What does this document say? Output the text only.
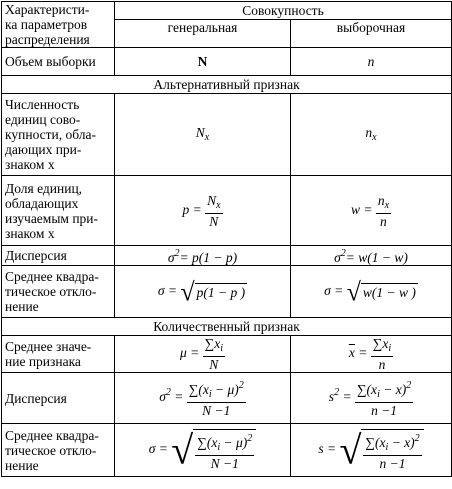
Характеристи-
ка параметров
распределения	Совокупность	
	генеральная	выборочная
Объем выборки	N	n
Альтернативный признак		
Численность
единиц сово-
купности, обла-
дающих при-
знаком х	$N_x$	$n_x$
Доля единиц,
обладающих
изучаемым при-
знаком х	$p = \frac{N_x}{N}$	$w = \frac{n_x}{n}$

Дисперсия	$\sigma^2= p(1 - p)$	$\sigma^2= w(1 - w)$
Среднее квадра-
тическое откло-
нение	σ = √ p(1 − p )	σ = √ w(1 − w )
Количественный признак		
Среднее значе-
ние признака	$\mu = \frac{\sum x_i}{N}$	$\overline{x} = \frac{\sum x_i}{n}$

Дисперсия	$\sigma^2 = \frac{\sum(x_i - \mu)^2}{N -1}$	$s^2 = \frac{\sum(x_i - x)^2}{n -1}$

Среднее квадра-
тическое откло-
нение	σ = √ $\frac{\sum(x_i - \mu)^2}{N -1}$	s = √ $\frac{\sum(x_i - x)^2}{n -1}$
